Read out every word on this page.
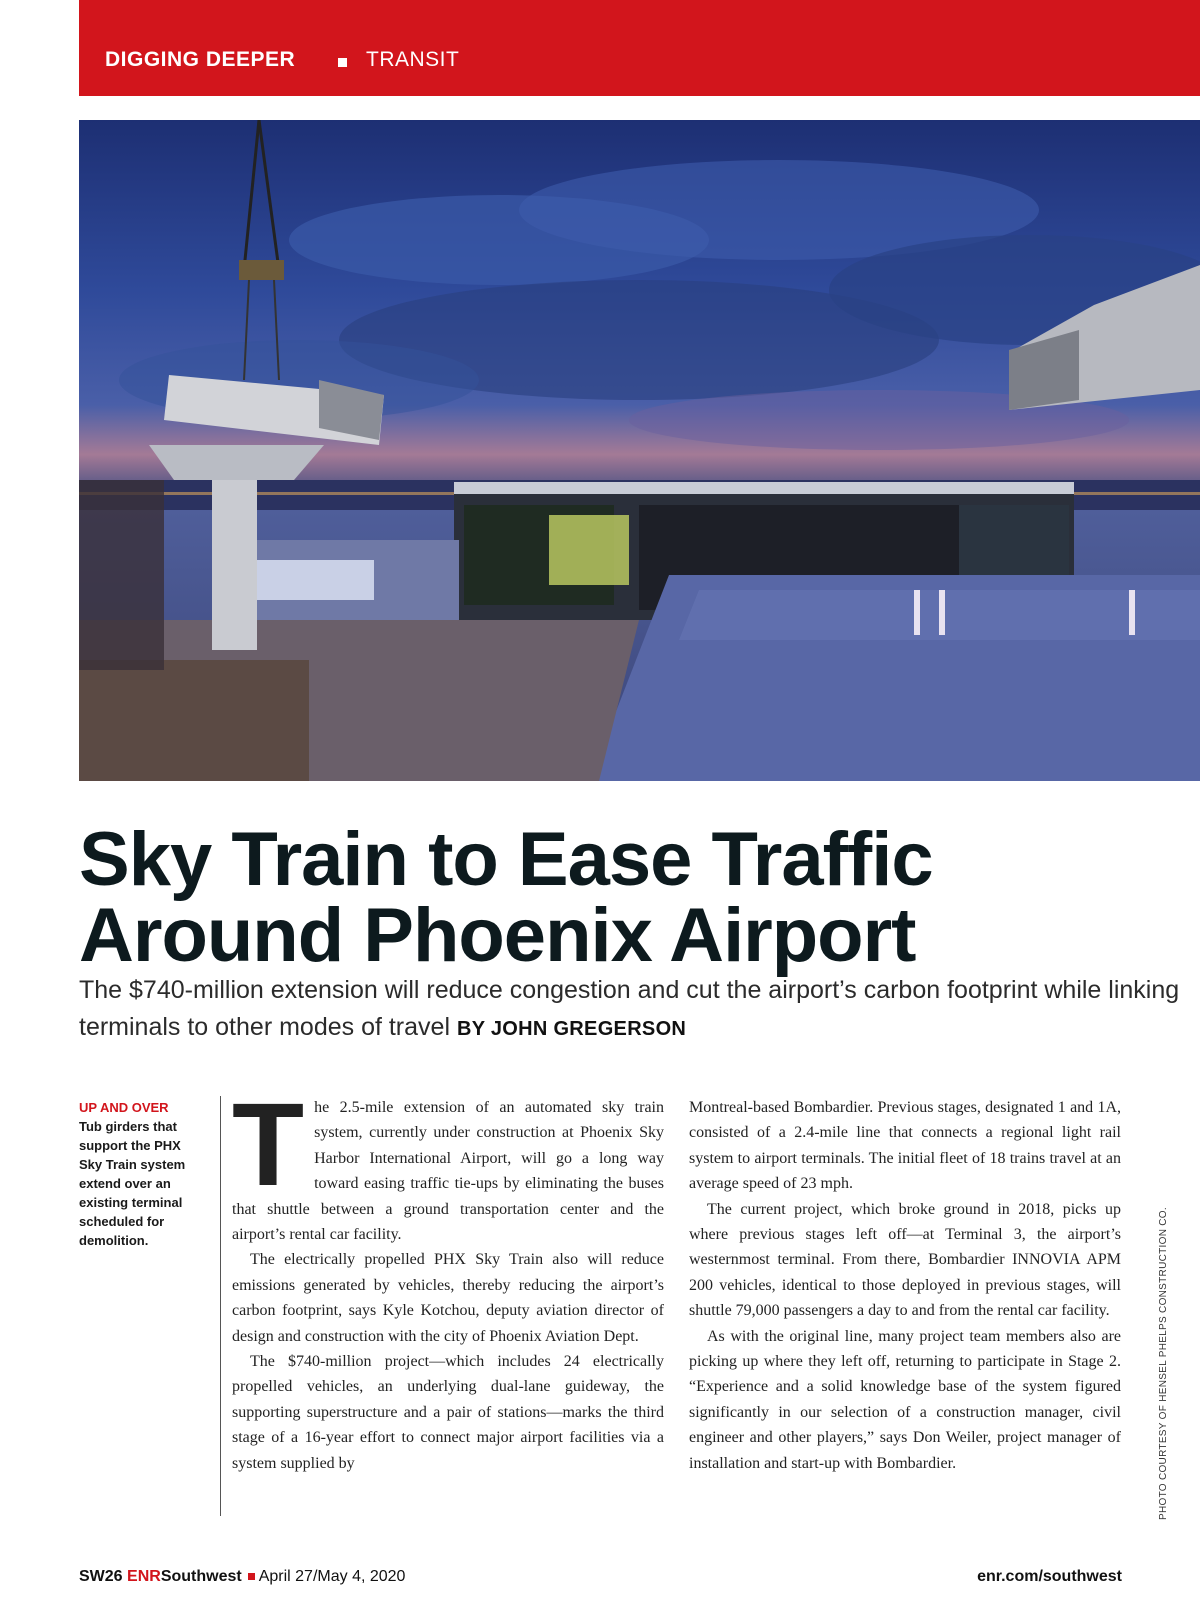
DIGGING DEEPER	TRANSIT
Sky Train to Ease Traffic
Around Phoenix Airport
The $740-million extension will reduce congestion and cut the airport’s carbon footprint while linking terminals to other modes of travel BY JOHN GREGERSON
UP AND OVER
Tub girders that support the PHX Sky Train system extend over an existing terminal scheduled for demolition.

The 2.5-mile extension of an automated sky train system, currently under construction at Phoenix Sky Harbor International Airport, will go a long way toward easing traffic tie-ups by eliminating the buses that shuttle between a ground transportation center and the airport’s rental car facility.

The electrically propelled PHX Sky Train also will reduce emissions generated by vehicles, thereby reducing the airport’s carbon footprint, says Kyle Kotchou, deputy aviation director of design and construction with the city of Phoenix Aviation Dept.

The $740-million project—which includes 24 electrically propelled vehicles, an underlying dual-lane guideway, the supporting superstructure and a pair of stations—marks the third stage of a 16-year effort to connect major airport facilities via a system supplied by

Montreal-based Bombardier. Previous stages, designated 1 and 1A, consisted of a 2.4-mile line that connects a regional light rail system to airport terminals. The initial fleet of 18 trains travel at an average speed of 23 mph.

The current project, which broke ground in 2018, picks up where previous stages left off—at Terminal 3, the airport’s westernmost terminal. From there, Bombardier INNOVIA APM 200 vehicles, identical to those deployed in previous stages, will shuttle 79,000 passengers a day to and from the rental car facility.

As with the original line, many project team members also are picking up where they left off, returning to participate in Stage 2. “Experience and a solid knowledge base of the system figured significantly in our selection of a construction manager, civil engineer and other players,” says Don Weiler, project manager of installation and start-up with Bombardier.	PHOTO COURTESY OF HENSEL PHELPS CONSTRUCTION CO.
SW26 ENRSouthwest April 27/May 4, 2020	enr.com/southwest
